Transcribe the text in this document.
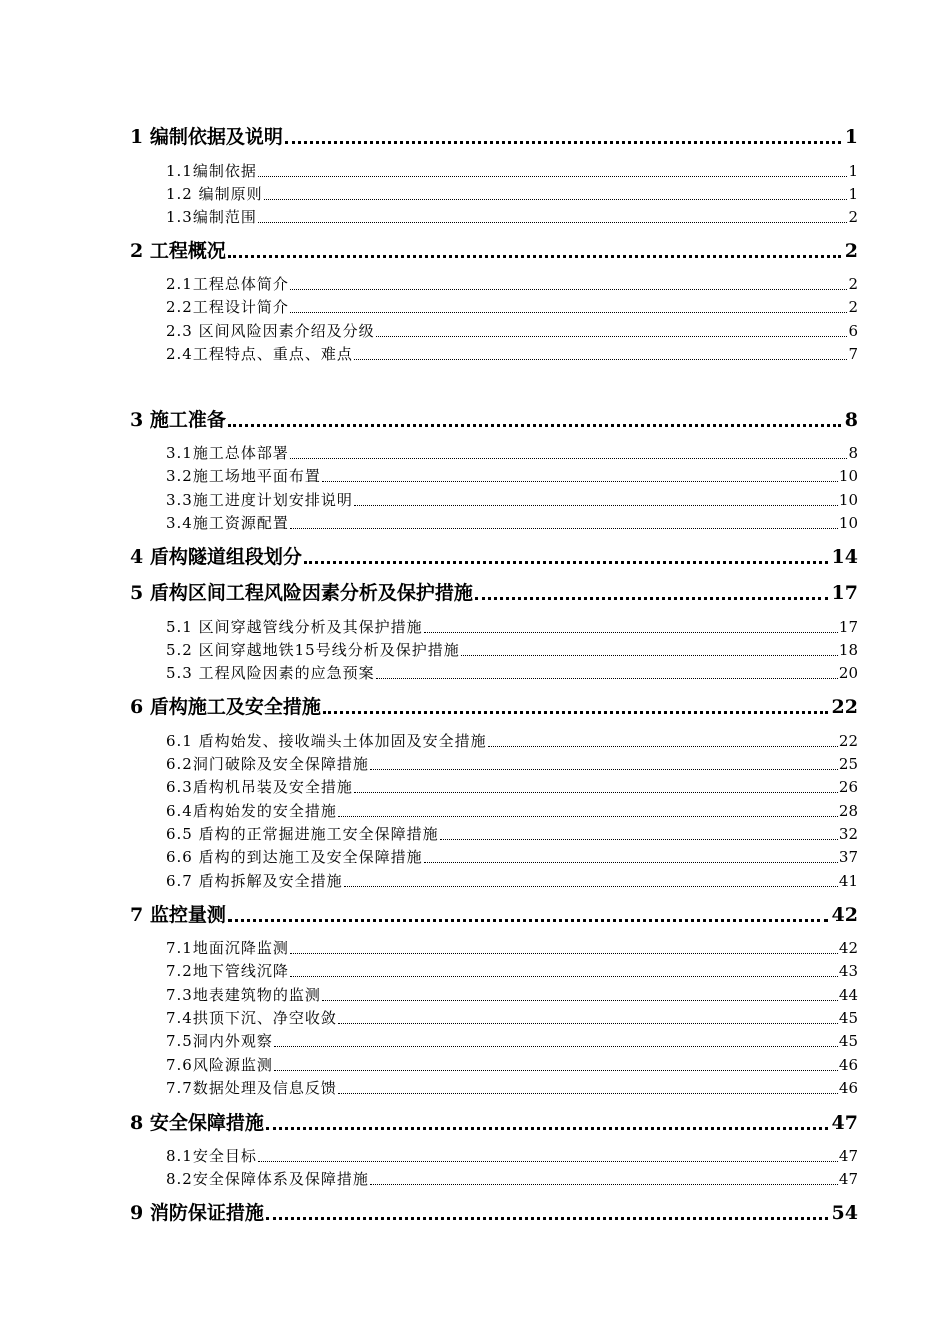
1 编制依据及说明	1
1.1编制依据	1
1.2 编制原则	1
1.3编制范围	2
2 工程概况	2
2.1工程总体简介	2
2.2工程设计简介	2
2.3 区间风险因素介绍及分级	6
2.4工程特点、重点、难点	7
3 施工准备	8
3.1施工总体部署	8
3.2施工场地平面布置	10
3.3施工进度计划安排说明	10
3.4施工资源配置	10
4 盾构隧道组段划分	14
5 盾构区间工程风险因素分析及保护措施	17
5.1 区间穿越管线分析及其保护措施	17
5.2 区间穿越地铁15号线分析及保护措施	18
5.3 工程风险因素的应急预案	20
6 盾构施工及安全措施	22
6.1 盾构始发、接收端头土体加固及安全措施	22
6.2洞门破除及安全保障措施	25
6.3盾构机吊装及安全措施	26
6.4盾构始发的安全措施	28
6.5 盾构的正常掘进施工安全保障措施	32
6.6 盾构的到达施工及安全保障措施	37
6.7 盾构拆解及安全措施	41
7 监控量测	42
7.1地面沉降监测	42
7.2地下管线沉降	43
7.3地表建筑物的监测	44
7.4拱顶下沉、净空收敛	45
7.5洞内外观察	45
7.6风险源监测	46
7.7数据处理及信息反馈	46
8 安全保障措施	47
8.1安全目标	47
8.2安全保障体系及保障措施	47
9 消防保证措施	54
